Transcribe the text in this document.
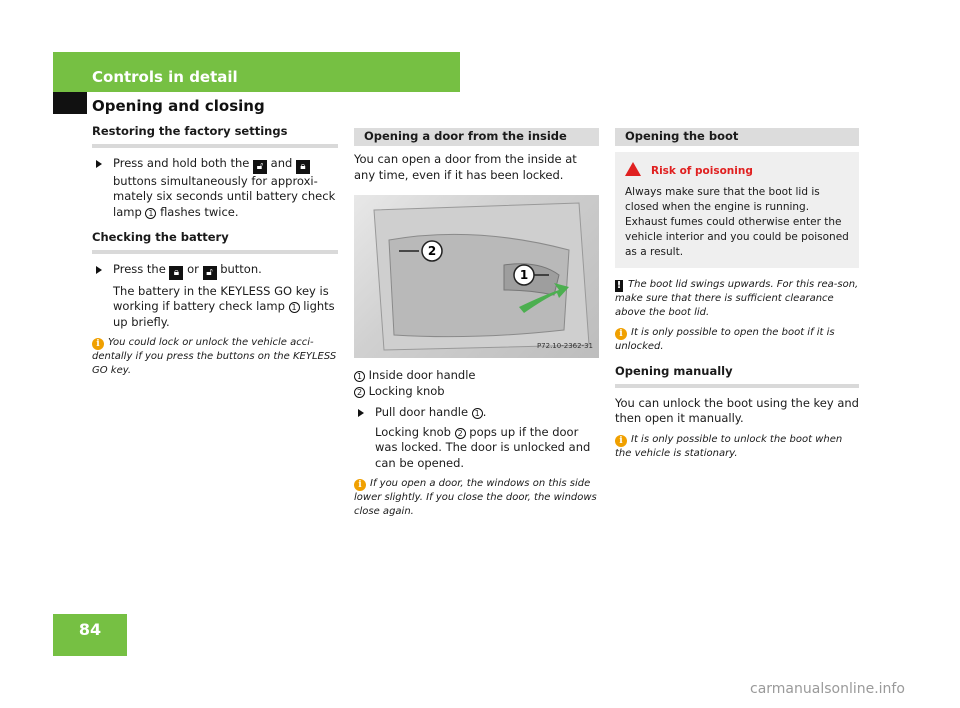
Controls in detail
Opening and closing
Restoring the factory settings
Press and hold both the 🔓︎ and 🔒︎ buttons simultaneously for approxi-mately six seconds until battery check lamp 1 flashes twice.
Checking the battery
Press the 🔒︎ or 🔓︎ button.
The battery in the KEYLESS GO key is working if battery check lamp 1 lights up briefly.
i You could lock or unlock the vehicle acci-dentally if you press the buttons on the KEYLESS GO key.
Opening a door from the inside
You can open a door from the inside at any time, even if it has been locked.
2
1
P72.10-2362-31
1 Inside door handle
2 Locking knob
Pull door handle 1 .
Locking knob 2 pops up if the door was locked. The door is unlocked and can be opened.
i If you open a door, the windows on this side lower slightly. If you close the door, the windows close again.
Opening the boot
Risk of poisoning
Always make sure that the boot lid is closed when the engine is running. Exhaust fumes could otherwise enter the vehicle interior and you could be poisoned as a result.
! The boot lid swings upwards. For this rea-son, make sure that there is sufficient clearance above the boot lid.
i It is only possible to open the boot if it is unlocked.
Opening manually
You can unlock the boot using the key and then open it manually.
i It is only possible to unlock the boot when the vehicle is stationary.
84
carmanualsonline.info
